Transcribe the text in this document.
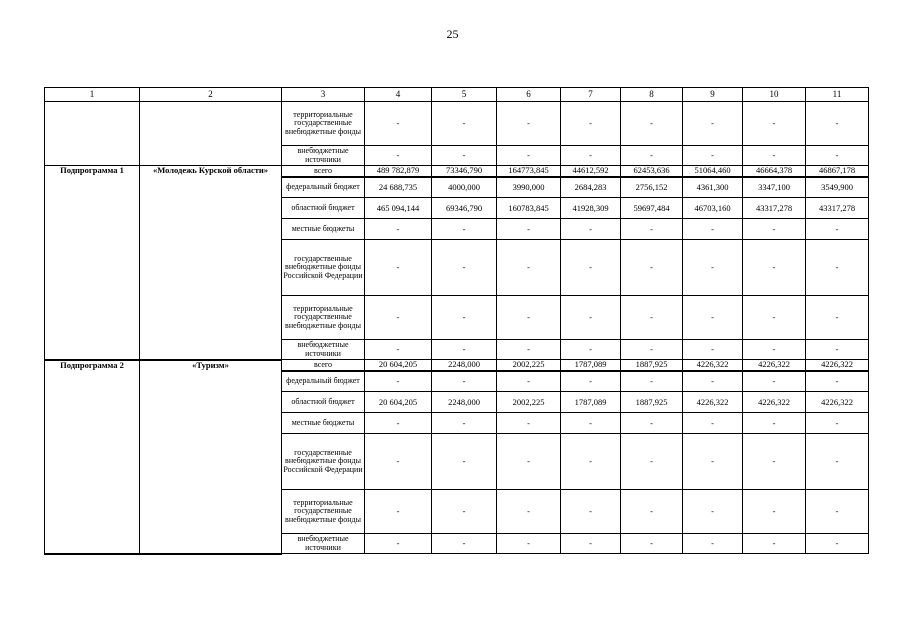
25
1	2	3	4	5	6	7	8	9	10	11
		территориальные государственные внебюджетные фонды	-	-	-	-	-	-	-	-
		внебюджетные источники	-	-	-	-	-	-	-	-
Подпрограмма 1	«Молодежь Курской области»	всего	489 782,879	73346,790	164773,845	44612,592	62453,636	51064,460	46664,378	46867,178
		федеральный бюджет	24 688,735	4000,000	3990,000	2684,283	2756,152	4361,300	3347,100	3549,900
		областной бюджет	465 094,144	69346,790	160783,845	41928,309	59697,484	46703,160	43317,278	43317,278
		местные бюджеты	-	-	-	-	-	-	-	-
		государственные внебюджетные фонды Российской Федерации	-	-	-	-	-	-	-	-
		территориальные государственные внебюджетные фонды	-	-	-	-	-	-	-	-
		внебюджетные источники	-	-	-	-	-	-	-	-
Подпрограмма 2	«Туризм»	всего	20 604,205	2248,000	2002,225	1787,089	1887,925	4226,322	4226,322	4226,322
		федеральный бюджет	-	-	-	-	-	-	-	-
		областной бюджет	20 604,205	2248,000	2002,225	1787,089	1887,925	4226,322	4226,322	4226,322
		местные бюджеты	-	-	-	-	-	-	-	-
		государственные внебюджетные фонды Российской Федерации	-	-	-	-	-	-	-	-
		территориальные государственные внебюджетные фонды	-	-	-	-	-	-	-	-
		внебюджетные источники	-	-	-	-	-	-	-	-
